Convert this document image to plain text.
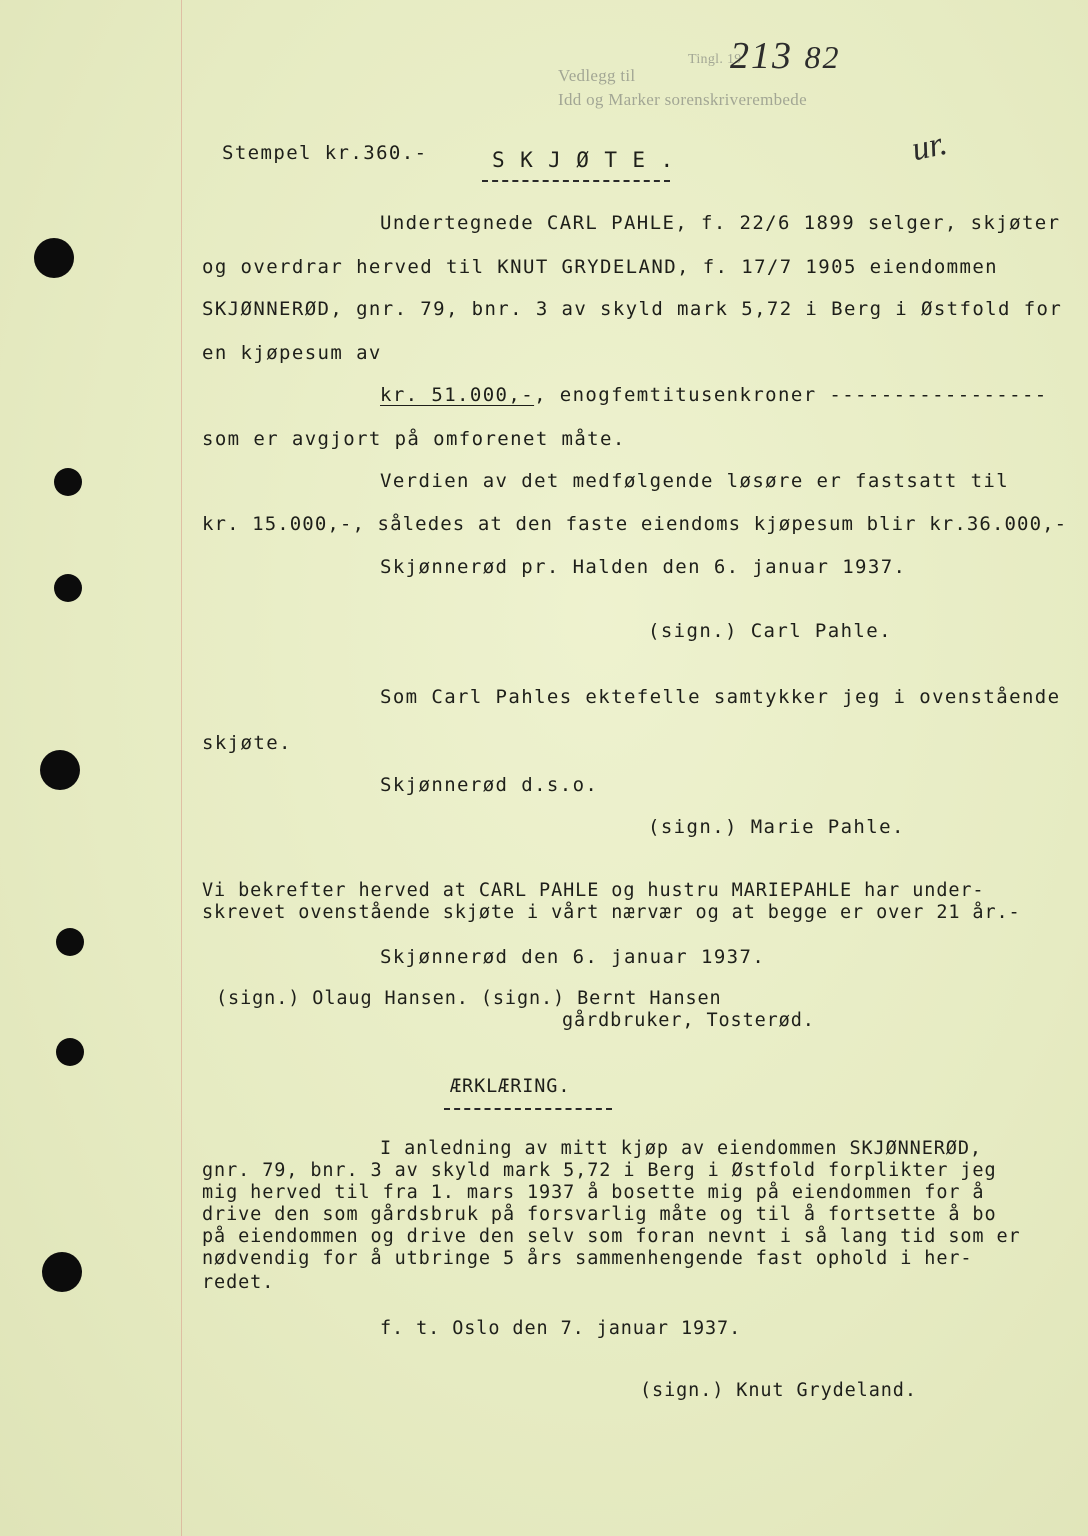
Tingl. 19
Vedlegg til
Idd og Marker sorenskriverembede
213 82
ur.
Stempel kr.360.-	S K J Ø T E .
Undertegnede CARL PAHLE, f. 22/6 1899 selger, skjøter
og overdrar herved til KNUT GRYDELAND, f. 17/7 1905 eiendommen
SKJØNNERØD, gnr. 79, bnr. 3 av skyld mark 5,72 i Berg i Østfold for
en kjøpesum av
kr. 51.000,-, enogfemtitusenkroner -----------------
som er avgjort på omforenet måte.
Verdien av det medfølgende løsøre er fastsatt til
kr. 15.000,-, således at den faste eiendoms kjøpesum blir kr.36.000,-
Skjønnerød pr. Halden den 6. januar 1937.
(sign.) Carl Pahle.
Som Carl Pahles ektefelle samtykker jeg i ovenstående
skjøte.
Skjønnerød d.s.o.
(sign.) Marie Pahle.
Vi bekrefter herved at CARL PAHLE og hustru MARIEPAHLE har under-
skrevet ovenstående skjøte i vårt nærvær og at begge er over 21 år.-
Skjønnerød den 6. januar 1937.
(sign.) Olaug Hansen. (sign.) Bernt Hansen
gårdbruker, Tosterød.
ÆRKLÆRING.
I anledning av mitt kjøp av eiendommen SKJØNNERØD,
gnr. 79, bnr. 3 av skyld mark 5,72 i Berg i Østfold forplikter jeg
mig herved til fra 1. mars 1937 å bosette mig på eiendommen for å
drive den som gårdsbruk på forsvarlig måte og til å fortsette å bo
på eiendommen og drive den selv som foran nevnt i så lang tid som er
nødvendig for å utbringe 5 års sammenhengende fast ophold i her-
redet.
f. t. Oslo den 7. januar 1937.
(sign.) Knut Grydeland.
